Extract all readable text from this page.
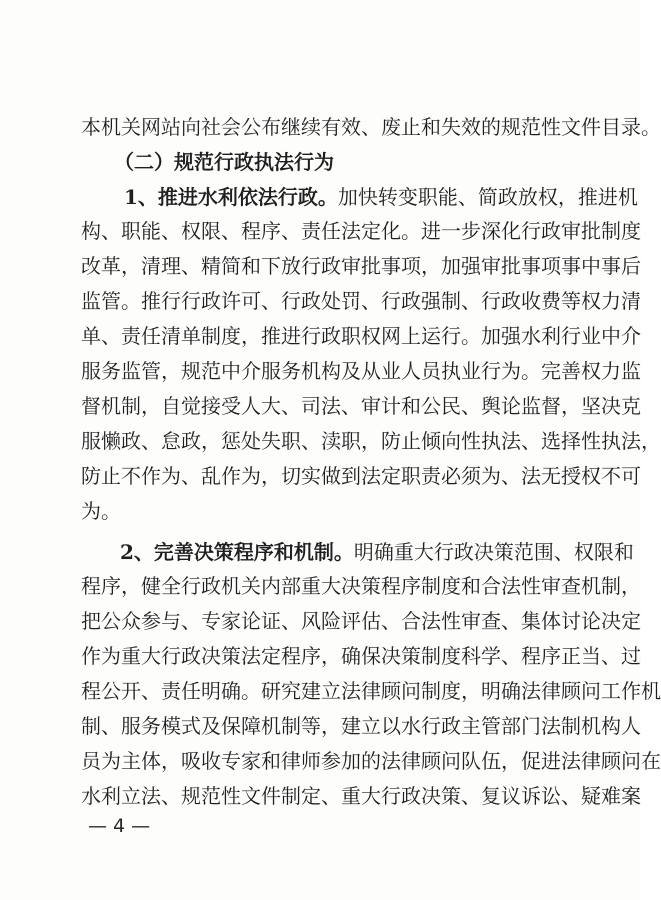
本机关网站向社会公布继续有效、废止和失效的规范性文件目录。
（二）规范行政执法行为
1、推进水利依法行政。加快转变职能、简政放权，推进机
构、职能、权限、程序、责任法定化。进一步深化行政审批制度
改革，清理、精简和下放行政审批事项，加强审批事项事中事后
监管。推行行政许可、行政处罚、行政强制、行政收费等权力清
单、责任清单制度，推进行政职权网上运行。加强水利行业中介
服务监管，规范中介服务机构及从业人员执业行为。完善权力监
督机制，自觉接受人大、司法、审计和公民、舆论监督，坚决克
服懒政、怠政，惩处失职、渎职，防止倾向性执法、选择性执法，
防止不作为、乱作为，切实做到法定职责必须为、法无授权不可
为。
2、完善决策程序和机制。明确重大行政决策范围、权限和
程序，健全行政机关内部重大决策程序制度和合法性审查机制，
把公众参与、专家论证、风险评估、合法性审查、集体讨论决定
作为重大行政决策法定程序，确保决策制度科学、程序正当、过
程公开、责任明确。研究建立法律顾问制度，明确法律顾问工作机
制、服务模式及保障机制等，建立以水行政主管部门法制机构人
员为主体，吸收专家和律师参加的法律顾问队伍，促进法律顾问在
水利立法、规范性文件制定、重大行政决策、复议诉讼、疑难案
— 4 —
